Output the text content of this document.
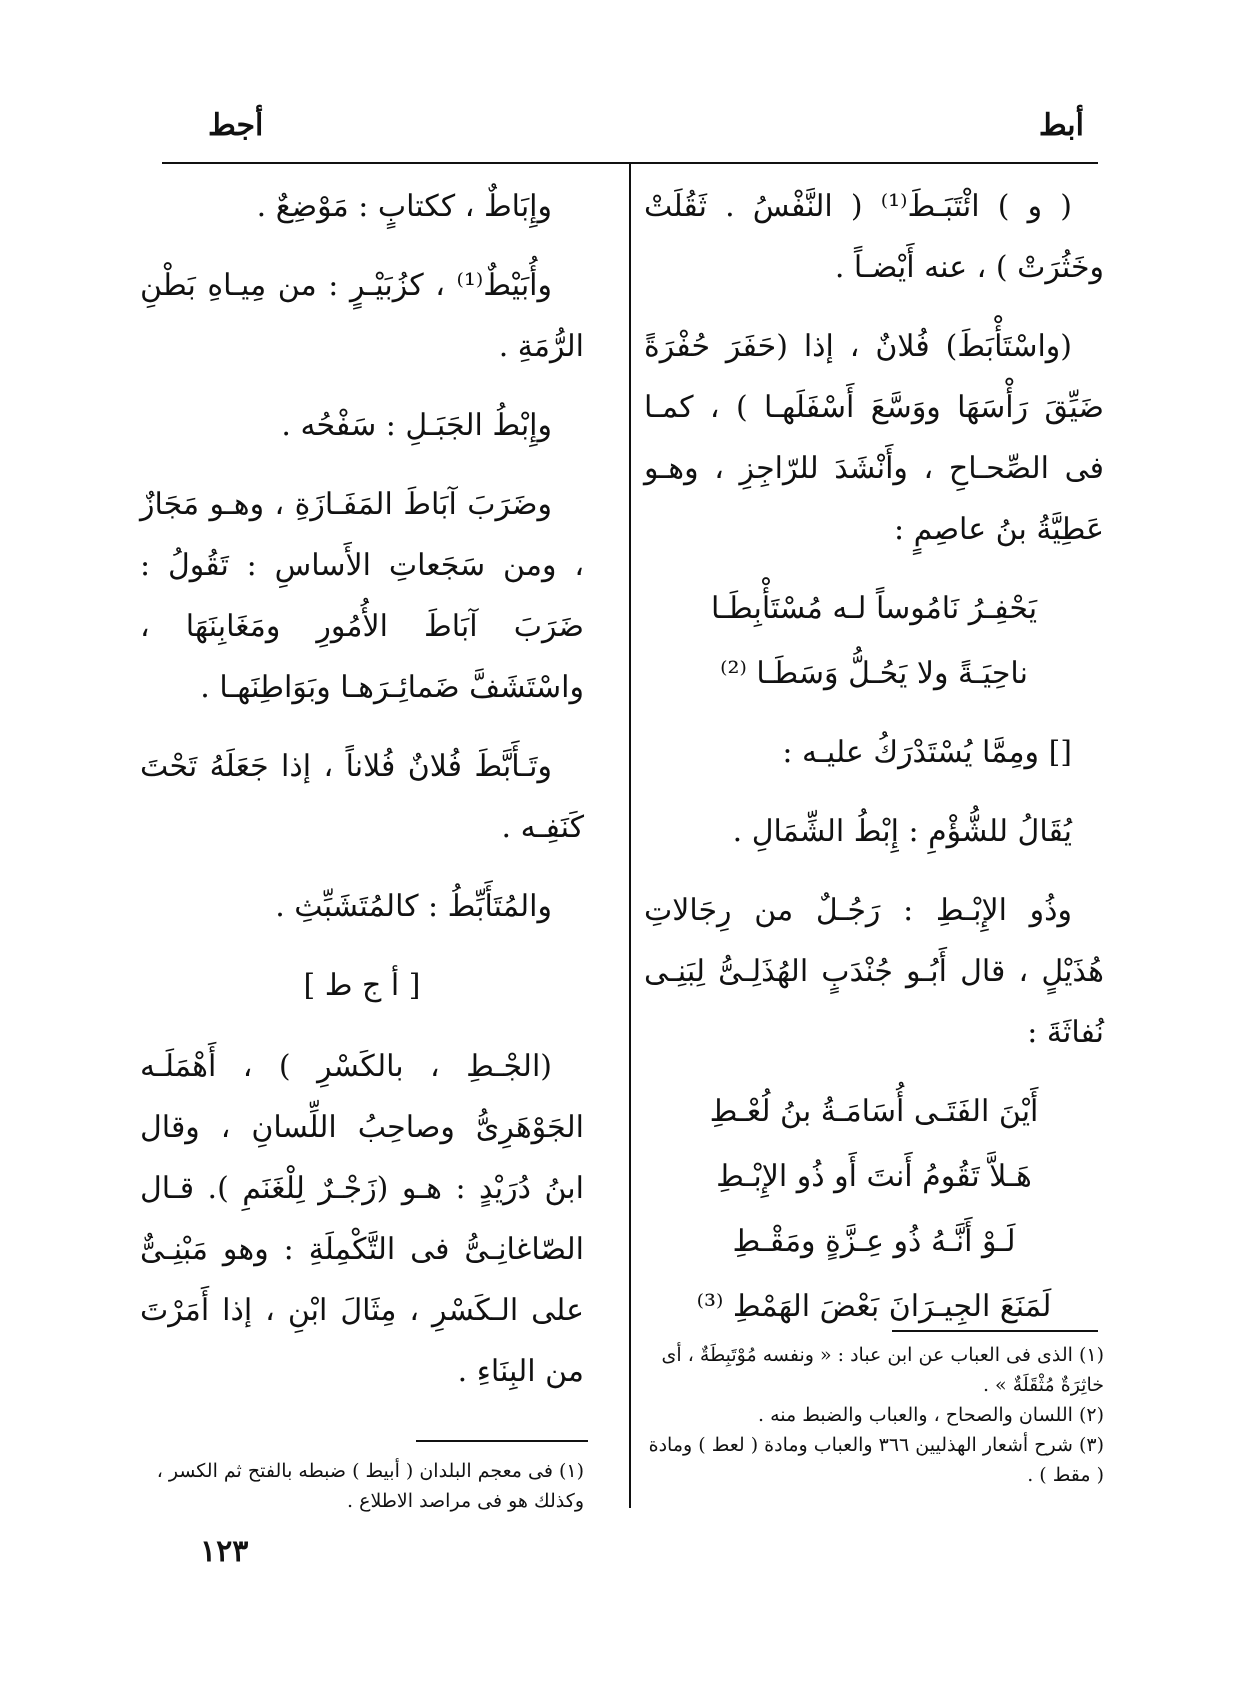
أبط
أجط

( و ) ائْتَبَـطَ⁽¹⁾ ( النَّفْسُ . ثَقُلَتْ وخَثُرَتْ ) ، عنه أَيْضـاً .

(واسْتَأْبَطَ) فُلانٌ ، إذا (حَفَرَ حُفْرَةً ضَيِّقَ رَأْسَهَا ووَسَّعَ أَسْفَلَهـا ) ، كمـا فى الصِّحـاحِ ، وأَنْشَدَ للرّاجِزِ ، وهـو عَطِيَّةُ بنُ عاصِمٍ :

يَحْفِـرُ نَامُوساً لـه مُسْتَأْبِطَـا

ناحِيَـةً ولا يَحُـلُّ وَسَطَـا ⁽²⁾

[] ومِمَّا يُسْتَدْرَكُ عليـه :

يُقَالُ للشُّؤْمِ : إِبْطُ الشِّمَالِ .

وذُو الإِبْـطِ : رَجُـلٌ من رِجَالاتِ هُذَيْلٍ ، قال أَبُـو جُنْدَبٍ الهُذَلِـىُّ لِبَنِـى نُفاثَةَ :

أَيْنَ الفَتَـى أُسَامَـةُ بنُ لُعْـطِ

هَـلاَّ تَقُومُ أَنتَ أَو ذُو الإِبْـطِ

لَـوْ أَنَّـهُ ذُو عِـزَّةٍ ومَقْـطِ

لَمَنَعَ الجِيـرَانَ بَعْضَ الهَمْطِ ⁽³⁾

وإِبَاطٌ ، ككتابٍ : مَوْضِعٌ .

وأُبَيْطٌ⁽¹⁾ ، كزُبَيْـرٍ : من مِيـاهِ بَطْنِ الرُّمَةِ .

وإِبْطُ الجَبَـلِ : سَفْحُه .

وضَرَبَ آبَاطَ المَفَـازَةِ ، وهـو مَجَازٌ ، ومن سَجَعاتِ الأَساسِ : تَقُولُ : ضَرَبَ آبَاطَ الأُمُورِ ومَغَابِنَهَا ، واسْتَشَفَّ ضَمائِـرَهـا وبَوَاطِنَهـا .

وتَـأَبَّطَ فُلانٌ فُلاناً ، إذا جَعَلَهُ تَحْتَ كَنَفِـه .

والمُتَأَبِّطُ : كالمُتَشَبِّثِ .

[ أ ج ط ]

(الجْـطِ ، بالكَسْرِ ) ، أَهْمَلَـه الجَوْهَرِىُّ وصاحِبُ اللِّسانِ ، وقال ابنُ دُرَيْدٍ : هـو (زَجْـرٌ لِلْغَنَمِ ). قـال الصّاغانِـىُّ فى التَّكْمِلَةِ : وهو مَبْنِـىٌّ على الـكَسْرِ ، مِثَالَ ابْنِ ، إذا أَمَرْتَ من البِنَاءِ .	(١) الذى فى العباب عن ابن عباد : « ونفسه مُوْتَبِطَةٌ ، أى خاثِرَةٌ مُثْقَلَةٌ » .

(٢) اللسان والصحاح ، والعباب والضبط منه .

(٣) شرح أشعار الهذليين ٣٦٦ والعباب ومادة ( لعط ) ومادة ( مقط ) .

(١) فى معجم البلدان ( أبيط ) ضبطه بالفتح ثم الكسر ، وكذلك هو فى مراصد الاطلاع .

١٢٣
